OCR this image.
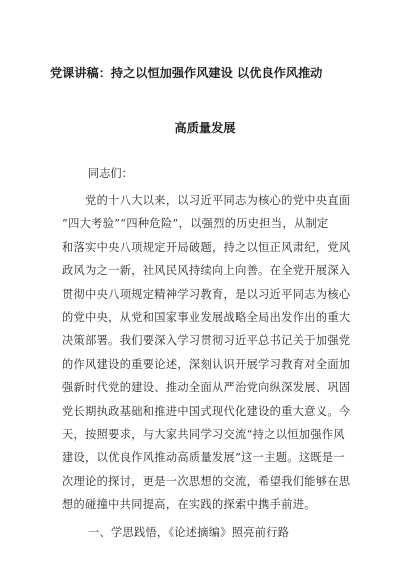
党课讲稿：持之以恒加强作风建设 以优良作风推动
高质量发展
同志们：
　　党的十八大以来，以习近平同志为核心的党中央直面
“四大考验”“四种危险”，以强烈的历史担当，从制定
和落实中央八项规定开局破题，持之以恒正风肃纪，党风
政风为之一新，社风民风持续向上向善。在全党开展深入
贯彻中央八项规定精神学习教育，是以习近平同志为核心
的党中央，从党和国家事业发展战略全局出发作出的重大
决策部署。我们要深入学习贯彻习近平总书记关于加强党
的作风建设的重要论述，深刻认识开展学习教育对全面加
强新时代党的建设、推动全面从严治党向纵深发展、巩固
党长期执政基础和推进中国式现代化建设的重大意义。今
天，按照要求，与大家共同学习交流“持之以恒加强作风
建设，以优良作风推动高质量发展”这一主题。这既是一
次理论的探讨，更是一次思想的交流，希望我们能够在思
想的碰撞中共同提高，在实践的探索中携手前进。
一、学思践悟，《论述摘编》照亮前行路
